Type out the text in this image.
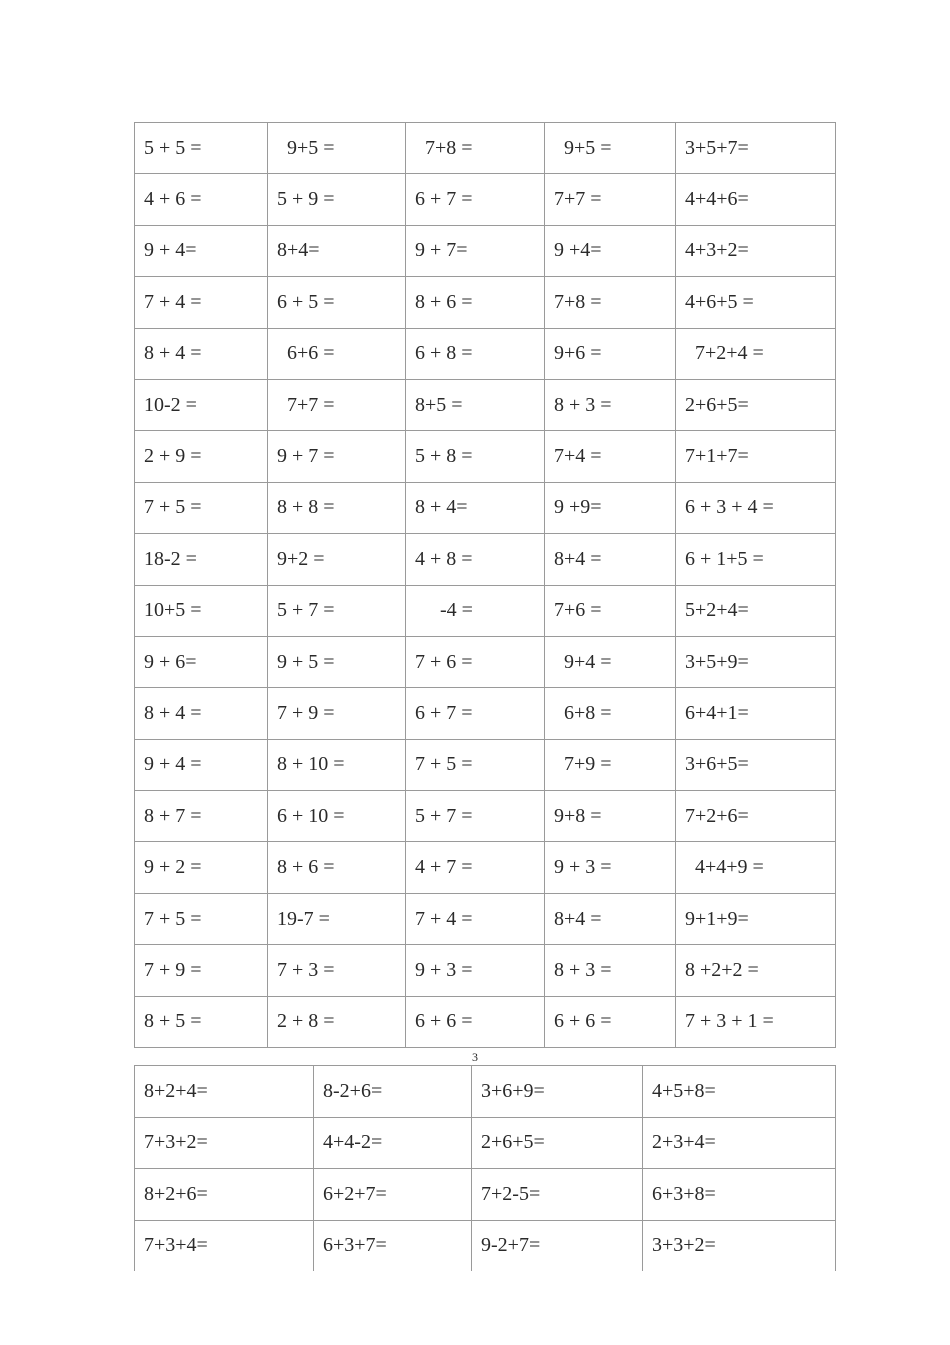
5 + 5 =	9+5 =	7+8 =	9+5 =	3+5+7=
4 + 6 =	5 + 9 =	6 + 7 =	7+7 =	4+4+6=
9 + 4=	8+4=	9 + 7=	9 +4=	4+3+2=
7 + 4 =	6 + 5 =	8 + 6 =	7+8 =	4+6+5 =
8 + 4 =	6+6 =	6 + 8 =	9+6 =	7+2+4 =
10-2 =	7+7 =	8+5 =	8 + 3 =	2+6+5=
2 + 9 =	9 + 7 =	5 + 8 =	7+4 =	7+1+7=
7 + 5 =	8 + 8 =	8 + 4=	9 +9=	6 + 3 + 4 =
18-2 =	9+2 =	4 + 8 =	8+4 =	6 + 1+5 =
10+5 =	5 + 7 =	-4 =	7+6 =	5+2+4=
9 + 6=	9 + 5 =	7 + 6 =	9+4 =	3+5+9=
8 + 4 =	7 + 9 =	6 + 7 =	6+8 =	6+4+1=
9 + 4 =	8 + 10 =	7 + 5 =	7+9 =	3+6+5=
8 + 7 =	6 + 10 =	5 + 7 =	9+8 =	7+2+6=
9 + 2 =	8 + 6 =	4 + 7 =	9 + 3 =	4+4+9 =
7 + 5 =	19-7 =	7 + 4 =	8+4 =	9+1+9=
7 + 9 =	7 + 3 =	9 + 3 =	8 + 3 =	8 +2+2 =
8 + 5 =	2 + 8 =	6 + 6 =	6 + 6 =	7 + 3 + 1 =
3
8+2+4=	8-2+6=	3+6+9=	4+5+8=
7+3+2=	4+4-2=	2+6+5=	2+3+4=
8+2+6=	6+2+7=	7+2-5=	6+3+8=
7+3+4=	6+3+7=	9-2+7=	3+3+2=
